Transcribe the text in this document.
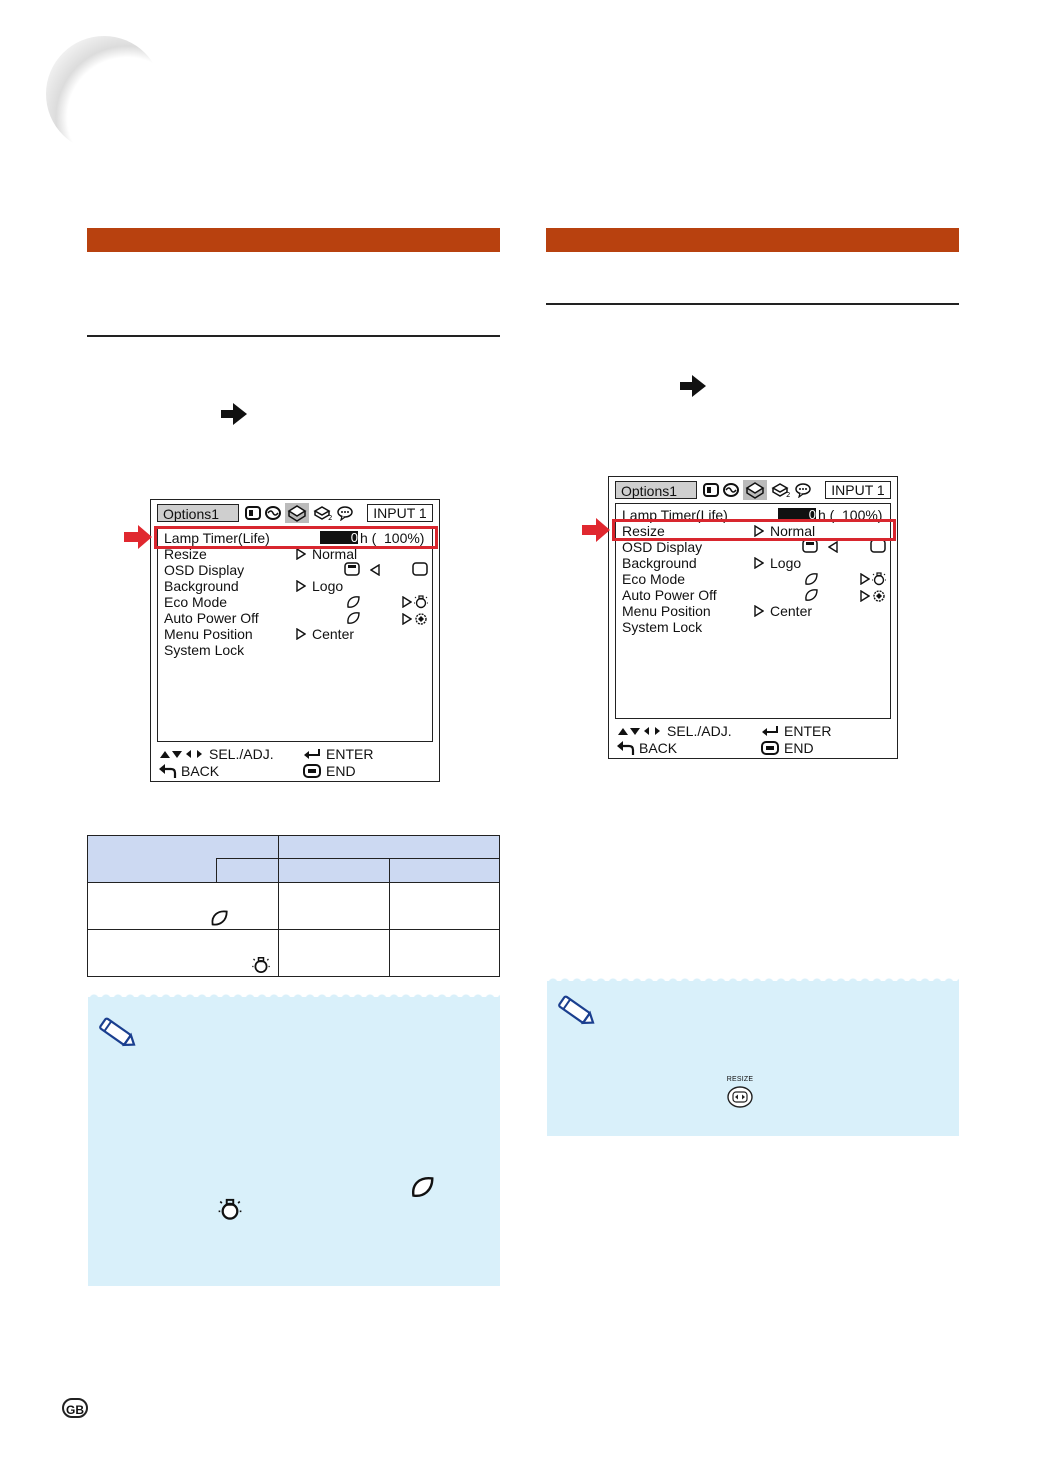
Options1	2	INPUT 1
Lamp Timer(Life)	0 h ( 100%)
Resize	Normal
OSD Display
Background	Logo
Eco Mode
Auto Power Off
Menu Position	Center
System Lock
SEL./ADJ.	ENTER
BACK	END
Options1	2	INPUT 1
Lamp Timer(Life)	0 h ( 100%)
Resize	Normal
OSD Display
Background	Logo
Eco Mode
Auto Power Off
Menu Position	Center
System Lock
SEL./ADJ.	ENTER
BACK	END

RESIZE
GB
